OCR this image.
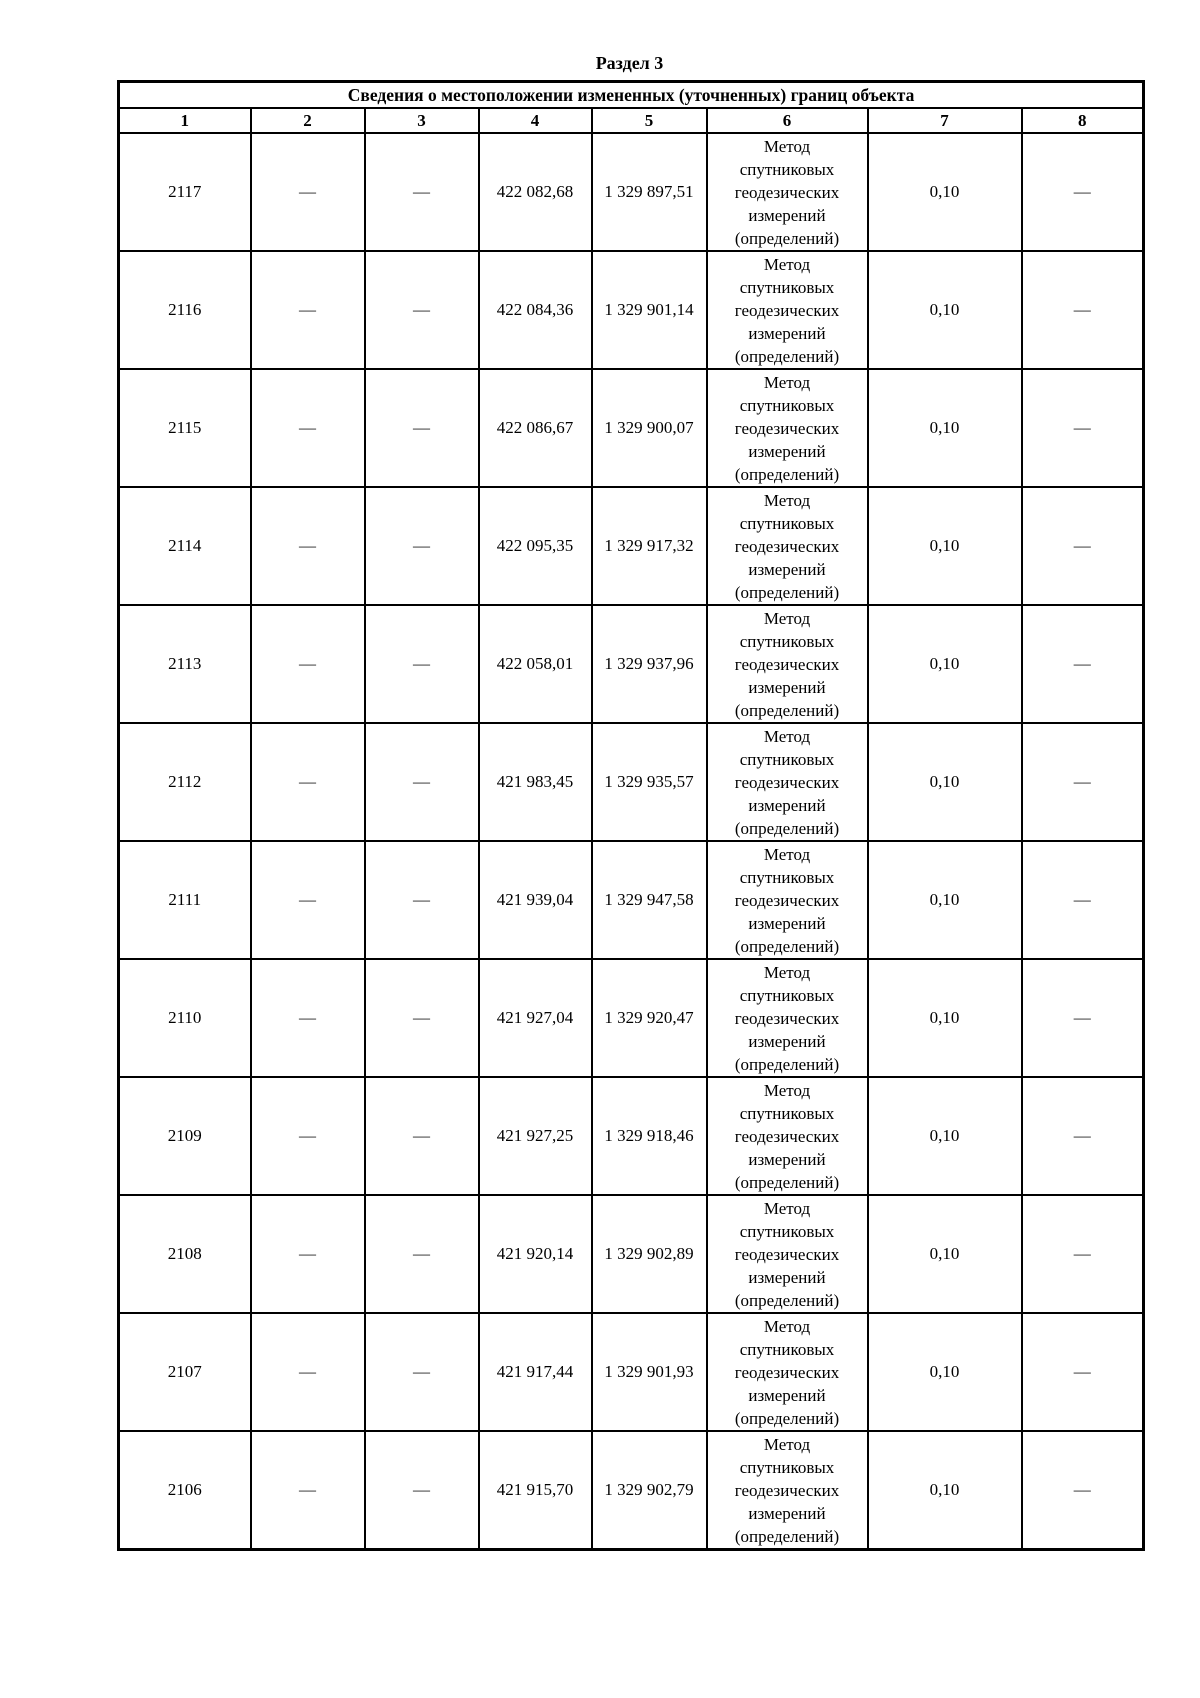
Раздел 3
Сведения о местоположении измененных (уточненных) границ объекта							
1	2	3	4	5	6	7	8
2117	—	—	422 082,68	1 329 897,51	Метод спутниковых геодезических измерений (определений)	0,10	—
2116	—	—	422 084,36	1 329 901,14	Метод спутниковых геодезических измерений (определений)	0,10	—
2115	—	—	422 086,67	1 329 900,07	Метод спутниковых геодезических измерений (определений)	0,10	—
2114	—	—	422 095,35	1 329 917,32	Метод спутниковых геодезических измерений (определений)	0,10	—
2113	—	—	422 058,01	1 329 937,96	Метод спутниковых геодезических измерений (определений)	0,10	—
2112	—	—	421 983,45	1 329 935,57	Метод спутниковых геодезических измерений (определений)	0,10	—
2111	—	—	421 939,04	1 329 947,58	Метод спутниковых геодезических измерений (определений)	0,10	—
2110	—	—	421 927,04	1 329 920,47	Метод спутниковых геодезических измерений (определений)	0,10	—
2109	—	—	421 927,25	1 329 918,46	Метод спутниковых геодезических измерений (определений)	0,10	—
2108	—	—	421 920,14	1 329 902,89	Метод спутниковых геодезических измерений (определений)	0,10	—
2107	—	—	421 917,44	1 329 901,93	Метод спутниковых геодезических измерений (определений)	0,10	—
2106	—	—	421 915,70	1 329 902,79	Метод спутниковых геодезических измерений (определений)	0,10	—
